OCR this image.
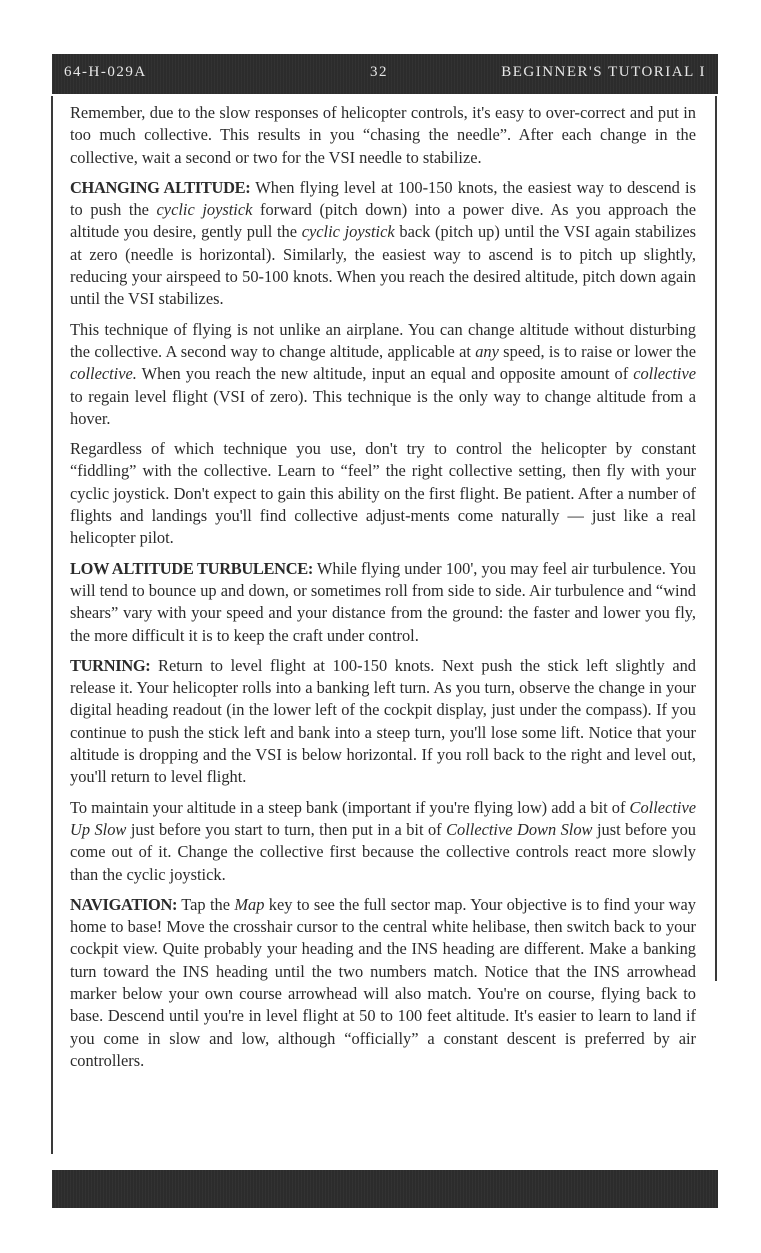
64-H-029A	32	BEGINNER'S TUTORIAL I

Remember, due to the slow responses of helicopter controls, it's easy to over-correct and put in too much collective. This results in you “chasing the needle”. After each change in the collective, wait a second or two for the VSI needle to stabilize.

CHANGING ALTITUDE: When flying level at 100-150 knots, the easiest way to descend is to push the cyclic joystick forward (pitch down) into a power dive. As you approach the altitude you desire, gently pull the cyclic joystick back (pitch up) until the VSI again stabilizes at zero (needle is horizontal). Similarly, the easiest way to ascend is to pitch up slightly, reducing your airspeed to 50-100 knots. When you reach the desired altitude, pitch down again until the VSI stabilizes.

This technique of flying is not unlike an airplane. You can change altitude without disturbing the collective. A second way to change altitude, applicable at any speed, is to raise or lower the collective. When you reach the new altitude, input an equal and opposite amount of collective to regain level flight (VSI of zero). This technique is the only way to change altitude from a hover.

Regardless of which technique you use, don't try to control the helicopter by constant “fiddling” with the collective. Learn to “feel” the right collective setting, then fly with your cyclic joystick. Don't expect to gain this ability on the first flight. Be patient. After a number of flights and landings you'll find collective adjust-ments come naturally — just like a real helicopter pilot.

LOW ALTITUDE TURBULENCE: While flying under 100', you may feel air turbulence. You will tend to bounce up and down, or sometimes roll from side to side. Air turbulence and “wind shears” vary with your speed and your distance from the ground: the faster and lower you fly, the more difficult it is to keep the craft under control.

TURNING: Return to level flight at 100-150 knots. Next push the stick left slightly and release it. Your helicopter rolls into a banking left turn. As you turn, observe the change in your digital heading readout (in the lower left of the cockpit display, just under the compass). If you continue to push the stick left and bank into a steep turn, you'll lose some lift. Notice that your altitude is dropping and the VSI is below horizontal. If you roll back to the right and level out, you'll return to level flight.

To maintain your altitude in a steep bank (important if you're flying low) add a bit of Collective Up Slow just before you start to turn, then put in a bit of Collective Down Slow just before you come out of it. Change the collective first because the collective controls react more slowly than the cyclic joystick.

NAVIGATION: Tap the Map key to see the full sector map. Your objective is to find your way home to base! Move the crosshair cursor to the central white helibase, then switch back to your cockpit view. Quite probably your heading and the INS heading are different. Make a banking turn toward the INS heading until the two numbers match. Notice that the INS arrowhead marker below your own course arrowhead will also match. You're on course, flying back to base. Descend until you're in level flight at 50 to 100 feet altitude. It's easier to learn to land if you come in slow and low, although “officially” a constant descent is preferred by air controllers.
